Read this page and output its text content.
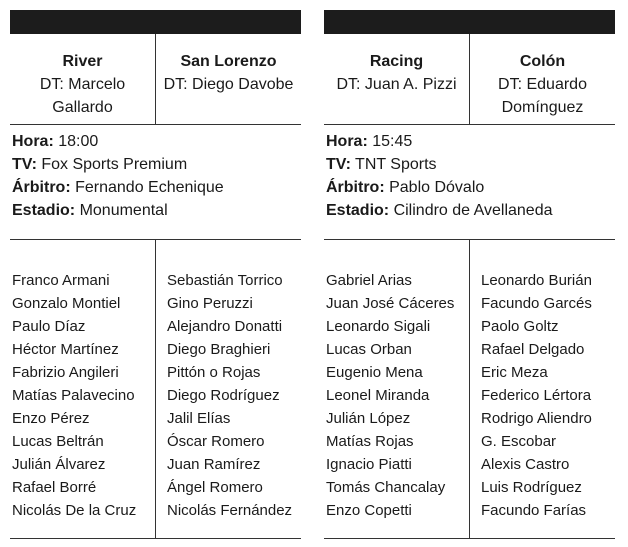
River
DT: Marcelo Gallardo
San Lorenzo
DT: Diego Davobe
Hora: 18:00
TV: Fox Sports Premium
Árbitro: Fernando Echenique
Estadio: Monumental
Franco Armani
Gonzalo Montiel
Paulo Díaz
Héctor Martínez
Fabrizio Angileri
Matías Palavecino
Enzo Pérez
Lucas Beltrán
Julián Álvarez
Rafael Borré
Nicolás De la Cruz
Sebastián Torrico
Gino Peruzzi
Alejandro Donatti
Diego Braghieri
Pittón o Rojas
Diego Rodríguez
Jalil Elías
Óscar Romero
Juan Ramírez
Ángel Romero
Nicolás Fernández
Racing
DT: Juan A. Pizzi
Colón
DT: Eduardo Domínguez
Hora: 15:45
TV: TNT Sports
Árbitro: Pablo Dóvalo
Estadio: Cilindro de Avellaneda
Gabriel Arias
Juan José Cáceres
Leonardo Sigali
Lucas Orban
Eugenio Mena
Leonel Miranda
Julián López
Matías Rojas
Ignacio Piatti
Tomás Chancalay
Enzo Copetti
Leonardo Burián
Facundo Garcés
Paolo Goltz
Rafael Delgado
Eric Meza
Federico Lértora
Rodrigo Aliendro
G. Escobar
Alexis Castro
Luis Rodríguez
Facundo Farías
